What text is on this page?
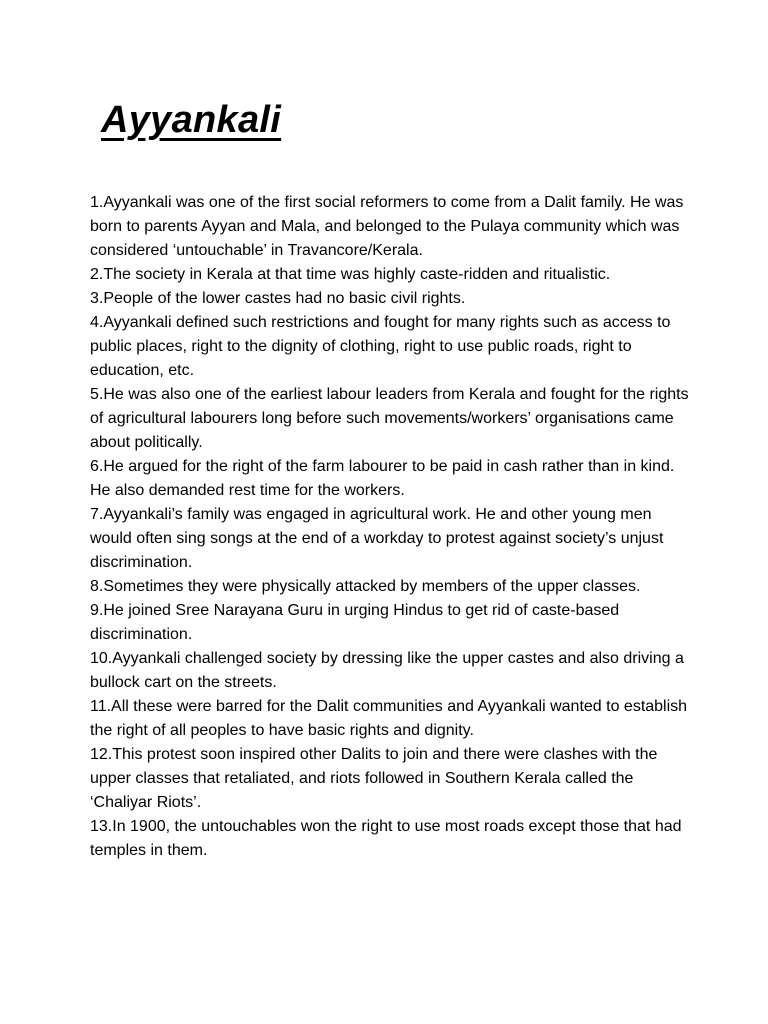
Ayyankali

1.Ayyankali was one of the first social reformers to come from a Dalit family. He was born to parents Ayyan and Mala, and belonged to the Pulaya community which was considered ‘untouchable’ in Travancore/Kerala.

2.The society in Kerala at that time was highly caste-ridden and ritualistic.

3.People of the lower castes had no basic civil rights.

4.Ayyankali defined such restrictions and fought for many rights such as access to public places, right to the dignity of clothing, right to use public roads, right to education, etc.

5.He was also one of the earliest labour leaders from Kerala and fought for the rights of agricultural labourers long before such movements/workers’ organisations came about politically.

6.He argued for the right of the farm labourer to be paid in cash rather than in kind. He also demanded rest time for the workers.

7.Ayyankali’s family was engaged in agricultural work. He and other young men would often sing songs at the end of a workday to protest against society’s unjust discrimination.

8.Sometimes they were physically attacked by members of the upper classes.

9.He joined Sree Narayana Guru in urging Hindus to get rid of caste-based discrimination.

10.Ayyankali challenged society by dressing like the upper castes and also driving a bullock cart on the streets.

11.All these were barred for the Dalit communities and Ayyankali wanted to establish the right of all peoples to have basic rights and dignity.

12.This protest soon inspired other Dalits to join and there were clashes with the upper classes that retaliated, and riots followed in Southern Kerala called the ‘Chaliyar Riots’.

13.In 1900, the untouchables won the right to use most roads except those that had temples in them.
